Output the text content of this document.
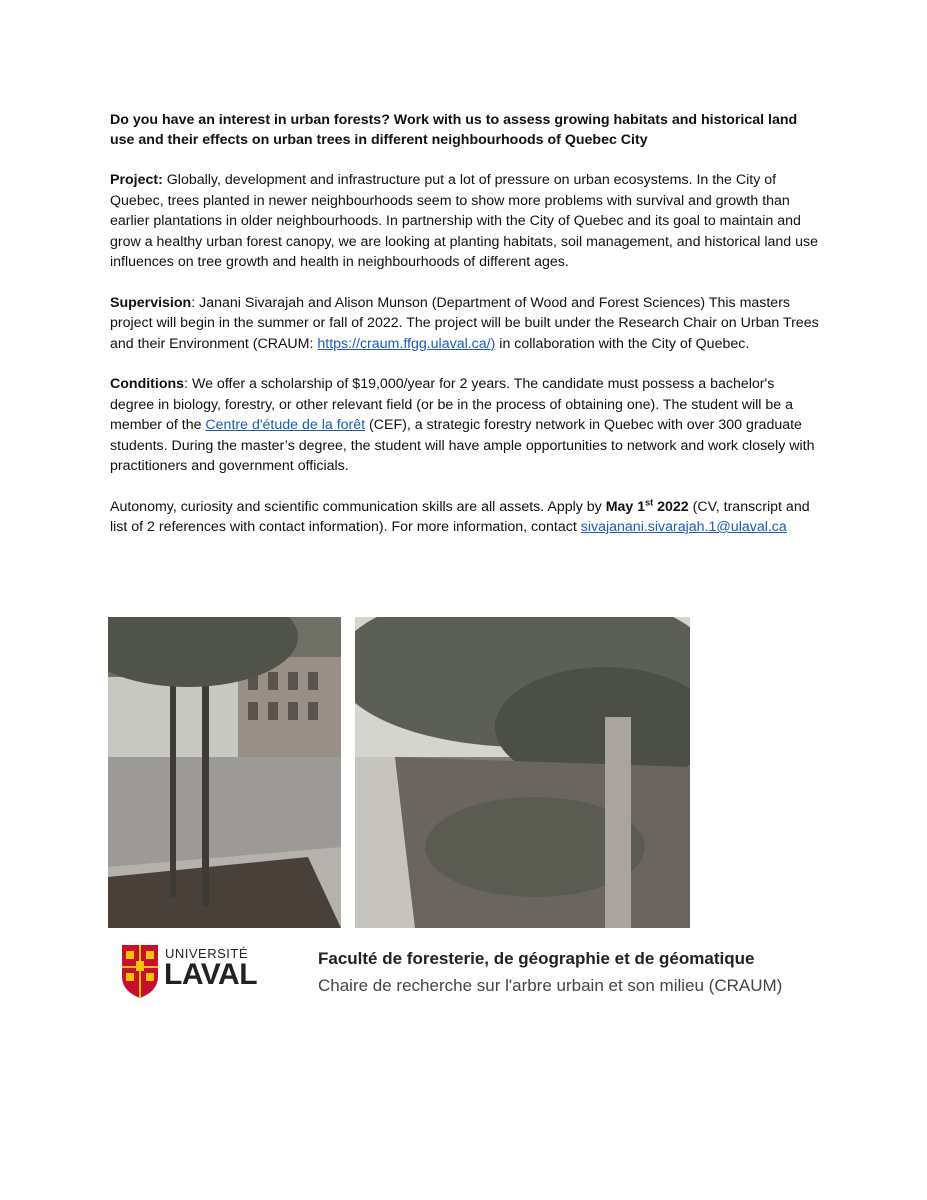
Do you have an interest in urban forests? Work with us to assess growing habitats and historical land use and their effects on urban trees in different neighbourhoods of Quebec City

Project: Globally, development and infrastructure put a lot of pressure on urban ecosystems. In the City of Quebec, trees planted in newer neighbourhoods seem to show more problems with survival and growth than earlier plantations in older neighbourhoods. In partnership with the City of Quebec and its goal to maintain and grow a healthy urban forest canopy, we are looking at planting habitats, soil management, and historical land use influences on tree growth and health in neighbourhoods of different ages.

Supervision: Janani Sivarajah and Alison Munson (Department of Wood and Forest Sciences) This masters project will begin in the summer or fall of 2022. The project will be built under the Research Chair on Urban Trees and their Environment (CRAUM: https://craum.ffgg.ulaval.ca/) in collaboration with the City of Quebec.

Conditions: We offer a scholarship of $19,000/year for 2 years. The candidate must possess a bachelor's degree in biology, forestry, or other relevant field (or be in the process of obtaining one). The student will be a member of the Centre d'étude de la forêt (CEF), a strategic forestry network in Quebec with over 300 graduate students. During the master’s degree, the student will have ample opportunities to network and work closely with practitioners and government officials.

Autonomy, curiosity and scientific communication skills are all assets. Apply by May 1st 2022 (CV, transcript and list of 2 references with contact information). For more information, contact sivajanani.sivarajah.1@ulaval.ca

UNIVERSITÉ
LAVAL	Faculté de foresterie, de géographie et de géomatique
Chaire de recherche sur l'arbre urbain et son milieu (CRAUM)
